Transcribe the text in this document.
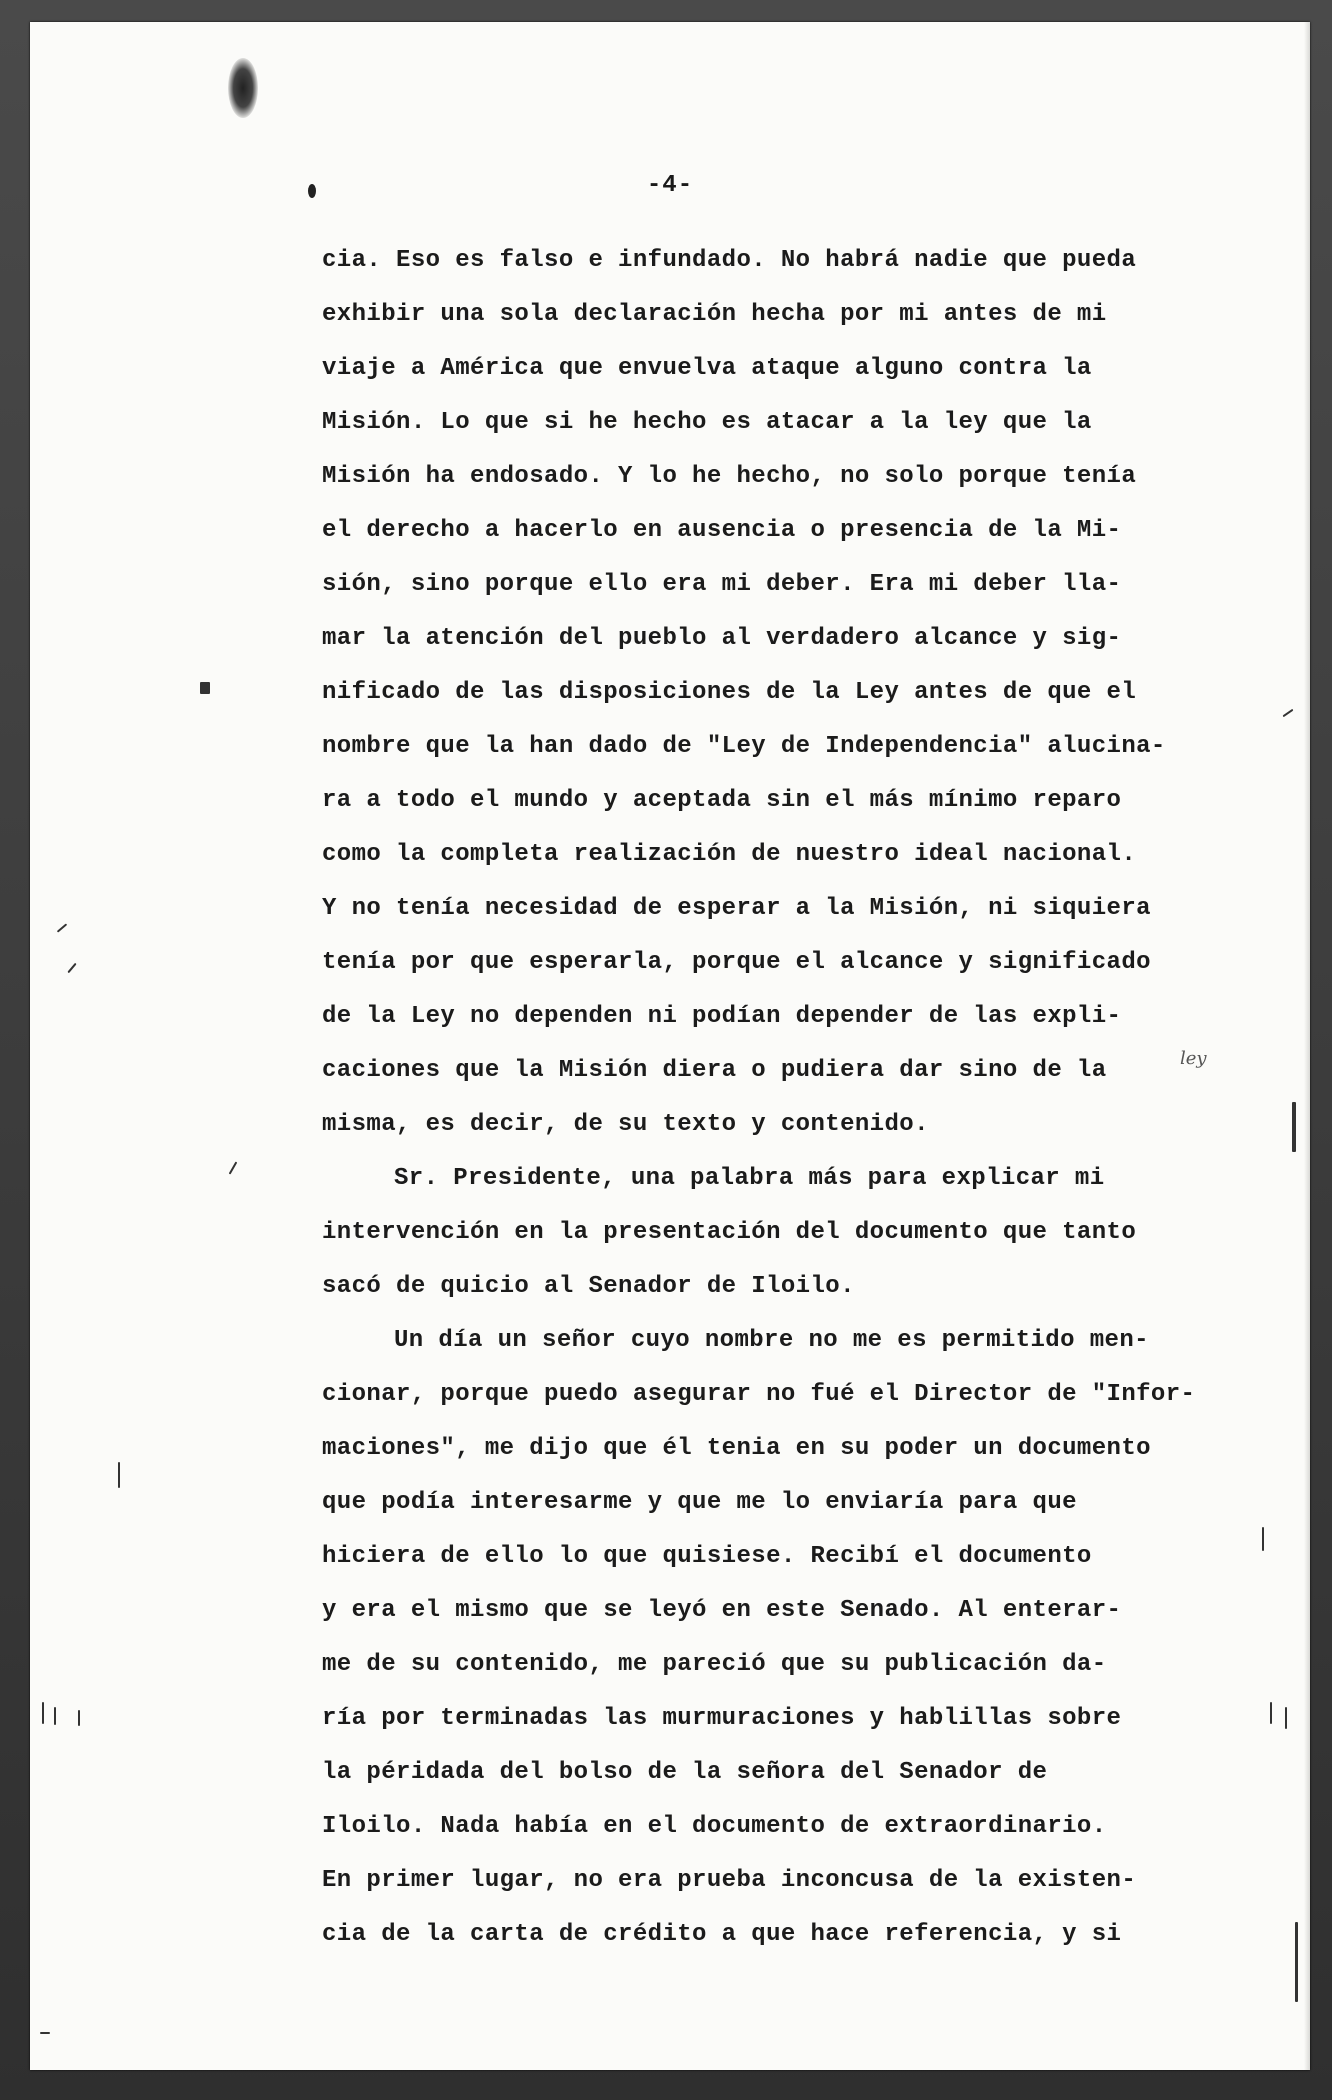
-4-
cia. Eso es falso e infundado. No habrá nadie que pueda
exhibir una sola declaración hecha por mi antes de mi
viaje a América que envuelva ataque alguno contra la
Misión. Lo que si he hecho es atacar a la ley que la
Misión ha endosado. Y lo he hecho, no solo porque tenía
el derecho a hacerlo en ausencia o presencia de la Mi-
sión, sino porque ello era mi deber. Era mi deber lla-
mar la atención del pueblo al verdadero alcance y sig-
nificado de las disposiciones de la Ley antes de que el
nombre que la han dado de "Ley de Independencia" alucina-
ra a todo el mundo y aceptada sin el más mínimo reparo
como la completa realización de nuestro ideal nacional.
Y no tenía necesidad de esperar a la Misión, ni siquiera
tenía por que esperarla, porque el alcance y significado
de la Ley no dependen ni podían depender de las expli-
caciones que la Misión diera o pudiera dar sino de la
misma, es decir, de su texto y contenido.
Sr. Presidente, una palabra más para explicar mi
intervención en la presentación del documento que tanto
sacó de quicio al Senador de Iloilo.
Un día un señor cuyo nombre no me es permitido men-
cionar, porque puedo asegurar no fué el Director de "Infor-
maciones", me dijo que él tenia en su poder un documento
que podía interesarme y que me lo enviaría para que
hiciera de ello lo que quisiese. Recibí el documento
y era el mismo que se leyó en este Senado. Al enterar-
me de su contenido, me pareció que su publicación da-
ría por terminadas las murmuraciones y hablillas sobre
la péridada del bolso de la señora del Senador de
Iloilo. Nada había en el documento de extraordinario.
En primer lugar, no era prueba inconcusa de la existen-
cia de la carta de crédito a que hace referencia, y si
ley
